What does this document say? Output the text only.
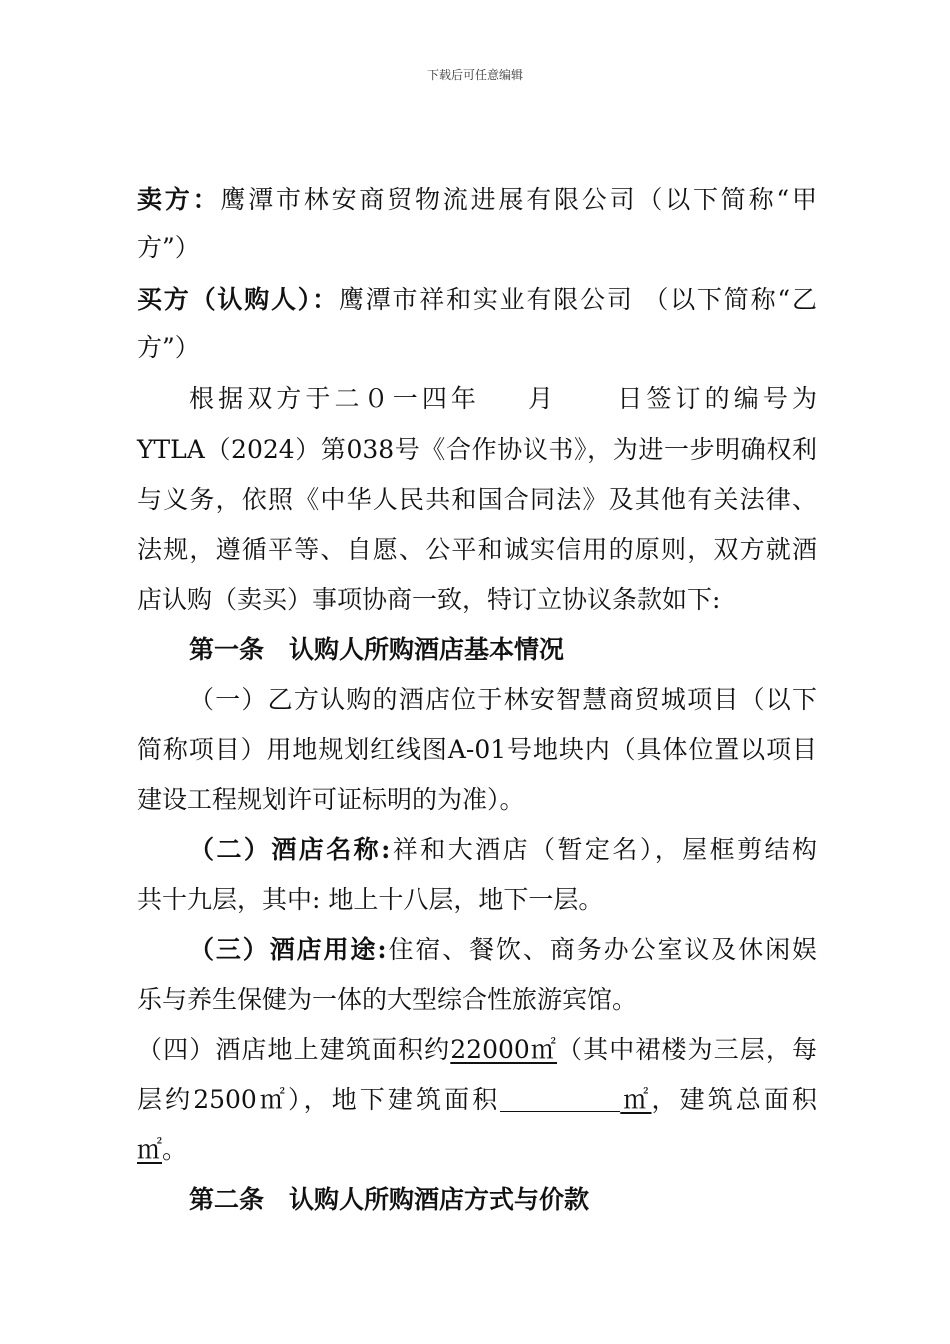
下载后可任意编辑
卖方：鹰潭市林安商贸物流进展有限公司（以下简称“甲
方”）
买方（认购人）：鹰潭市祥和实业有限公司 （以下简称“乙
方”）
根据双方于二０一四年 月 日签订的编号为
YTLA（2024）第038号《合作协议书》，为进一步明确权利
与义务，依照《中华人民共和国合同法》及其他有关法律、
法规，遵循平等、自愿、公平和诚实信用的原则，双方就酒
店认购（卖买）事项协商一致，特订立协议条款如下:
第一条　认购人所购酒店基本情况
（一）乙方认购的酒店位于林安智慧商贸城项目（以下
简称项目）用地规划红线图A-01号地块内（具体位置以项目
建设工程规划许可证标明的为准）。
（二）酒店名称:祥和大酒店（暂定名），屋框剪结构
共十九层，其中: 地上十八层，地下一层。
（三）酒店用途:住宿、餐饮、商务办公室议及休闲娱
乐与养生保健为一体的大型综合性旅游宾馆。
（四）酒店地上建筑面积约22000㎡（其中裙楼为三层，每
层约2500㎡），地下建筑面积	㎡，建筑总面积
㎡。
第二条　认购人所购酒店方式与价款
